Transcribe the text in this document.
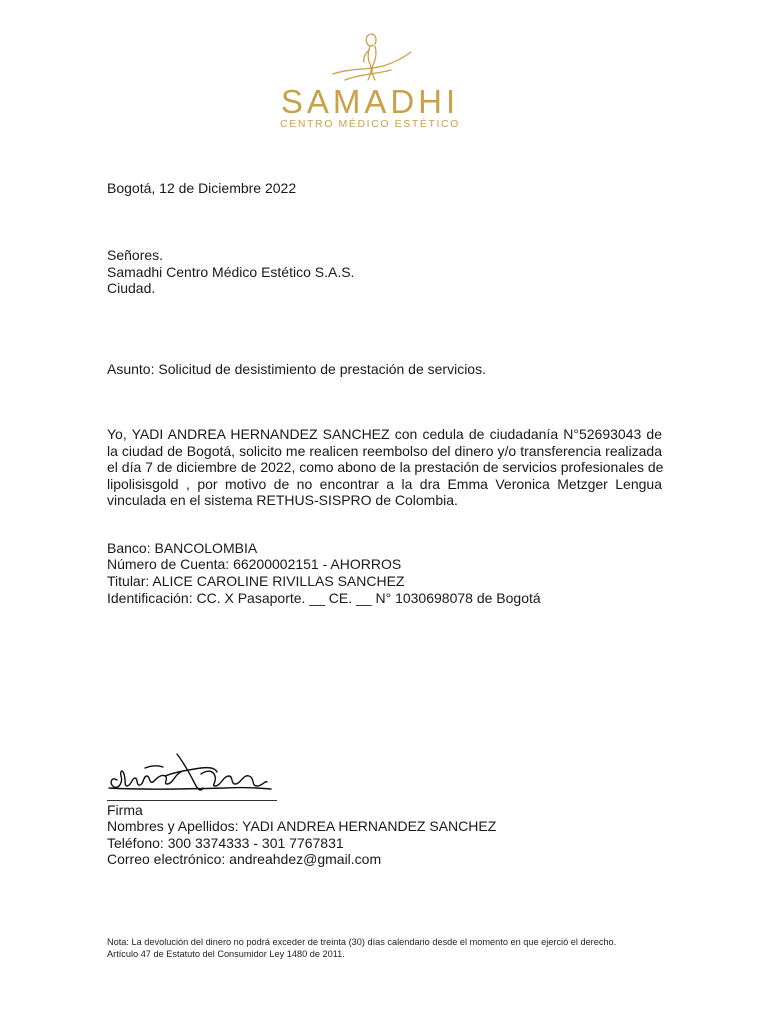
SAMADHI
CENTRO MÉDICO ESTÉTICO
Bogotá, 12 de Diciembre 2022
Señores.
Samadhi Centro Médico Estético S.A.S.
Ciudad.
Asunto: Solicitud de desistimiento de prestación de servicios.
Yo, YADI ANDREA HERNANDEZ SANCHEZ con cedula de ciudadanía N°52693043 de
la ciudad de Bogotá, solicito me realicen reembolso del dinero y/o transferencia realizada
el día 7 de diciembre de 2022, como abono de la prestación de servicios profesionales de
lipolisisgold , por motivo de no encontrar a la dra Emma Veronica Metzger Lengua
vinculada en el sistema RETHUS-SISPRO de Colombia.
Banco: BANCOLOMBIA
Número de Cuenta: 66200002151 - AHORROS
Titular: ALICE CAROLINE RIVILLAS SANCHEZ
Identificación: CC. X Pasaporte. __ CE. __ N° 1030698078 de Bogotá
Firma
Nombres y Apellidos: YADI ANDREA HERNANDEZ SANCHEZ
Teléfono: 300 3374333 - 301 7767831
Correo electrónico: andreahdez@gmail.com
Nota: La devolución del dinero no podrá exceder de treinta (30) días calendario desde el momento en que ejerció el derecho.
Artículo 47 de Estatuto del Consumidor Ley 1480 de 2011.
